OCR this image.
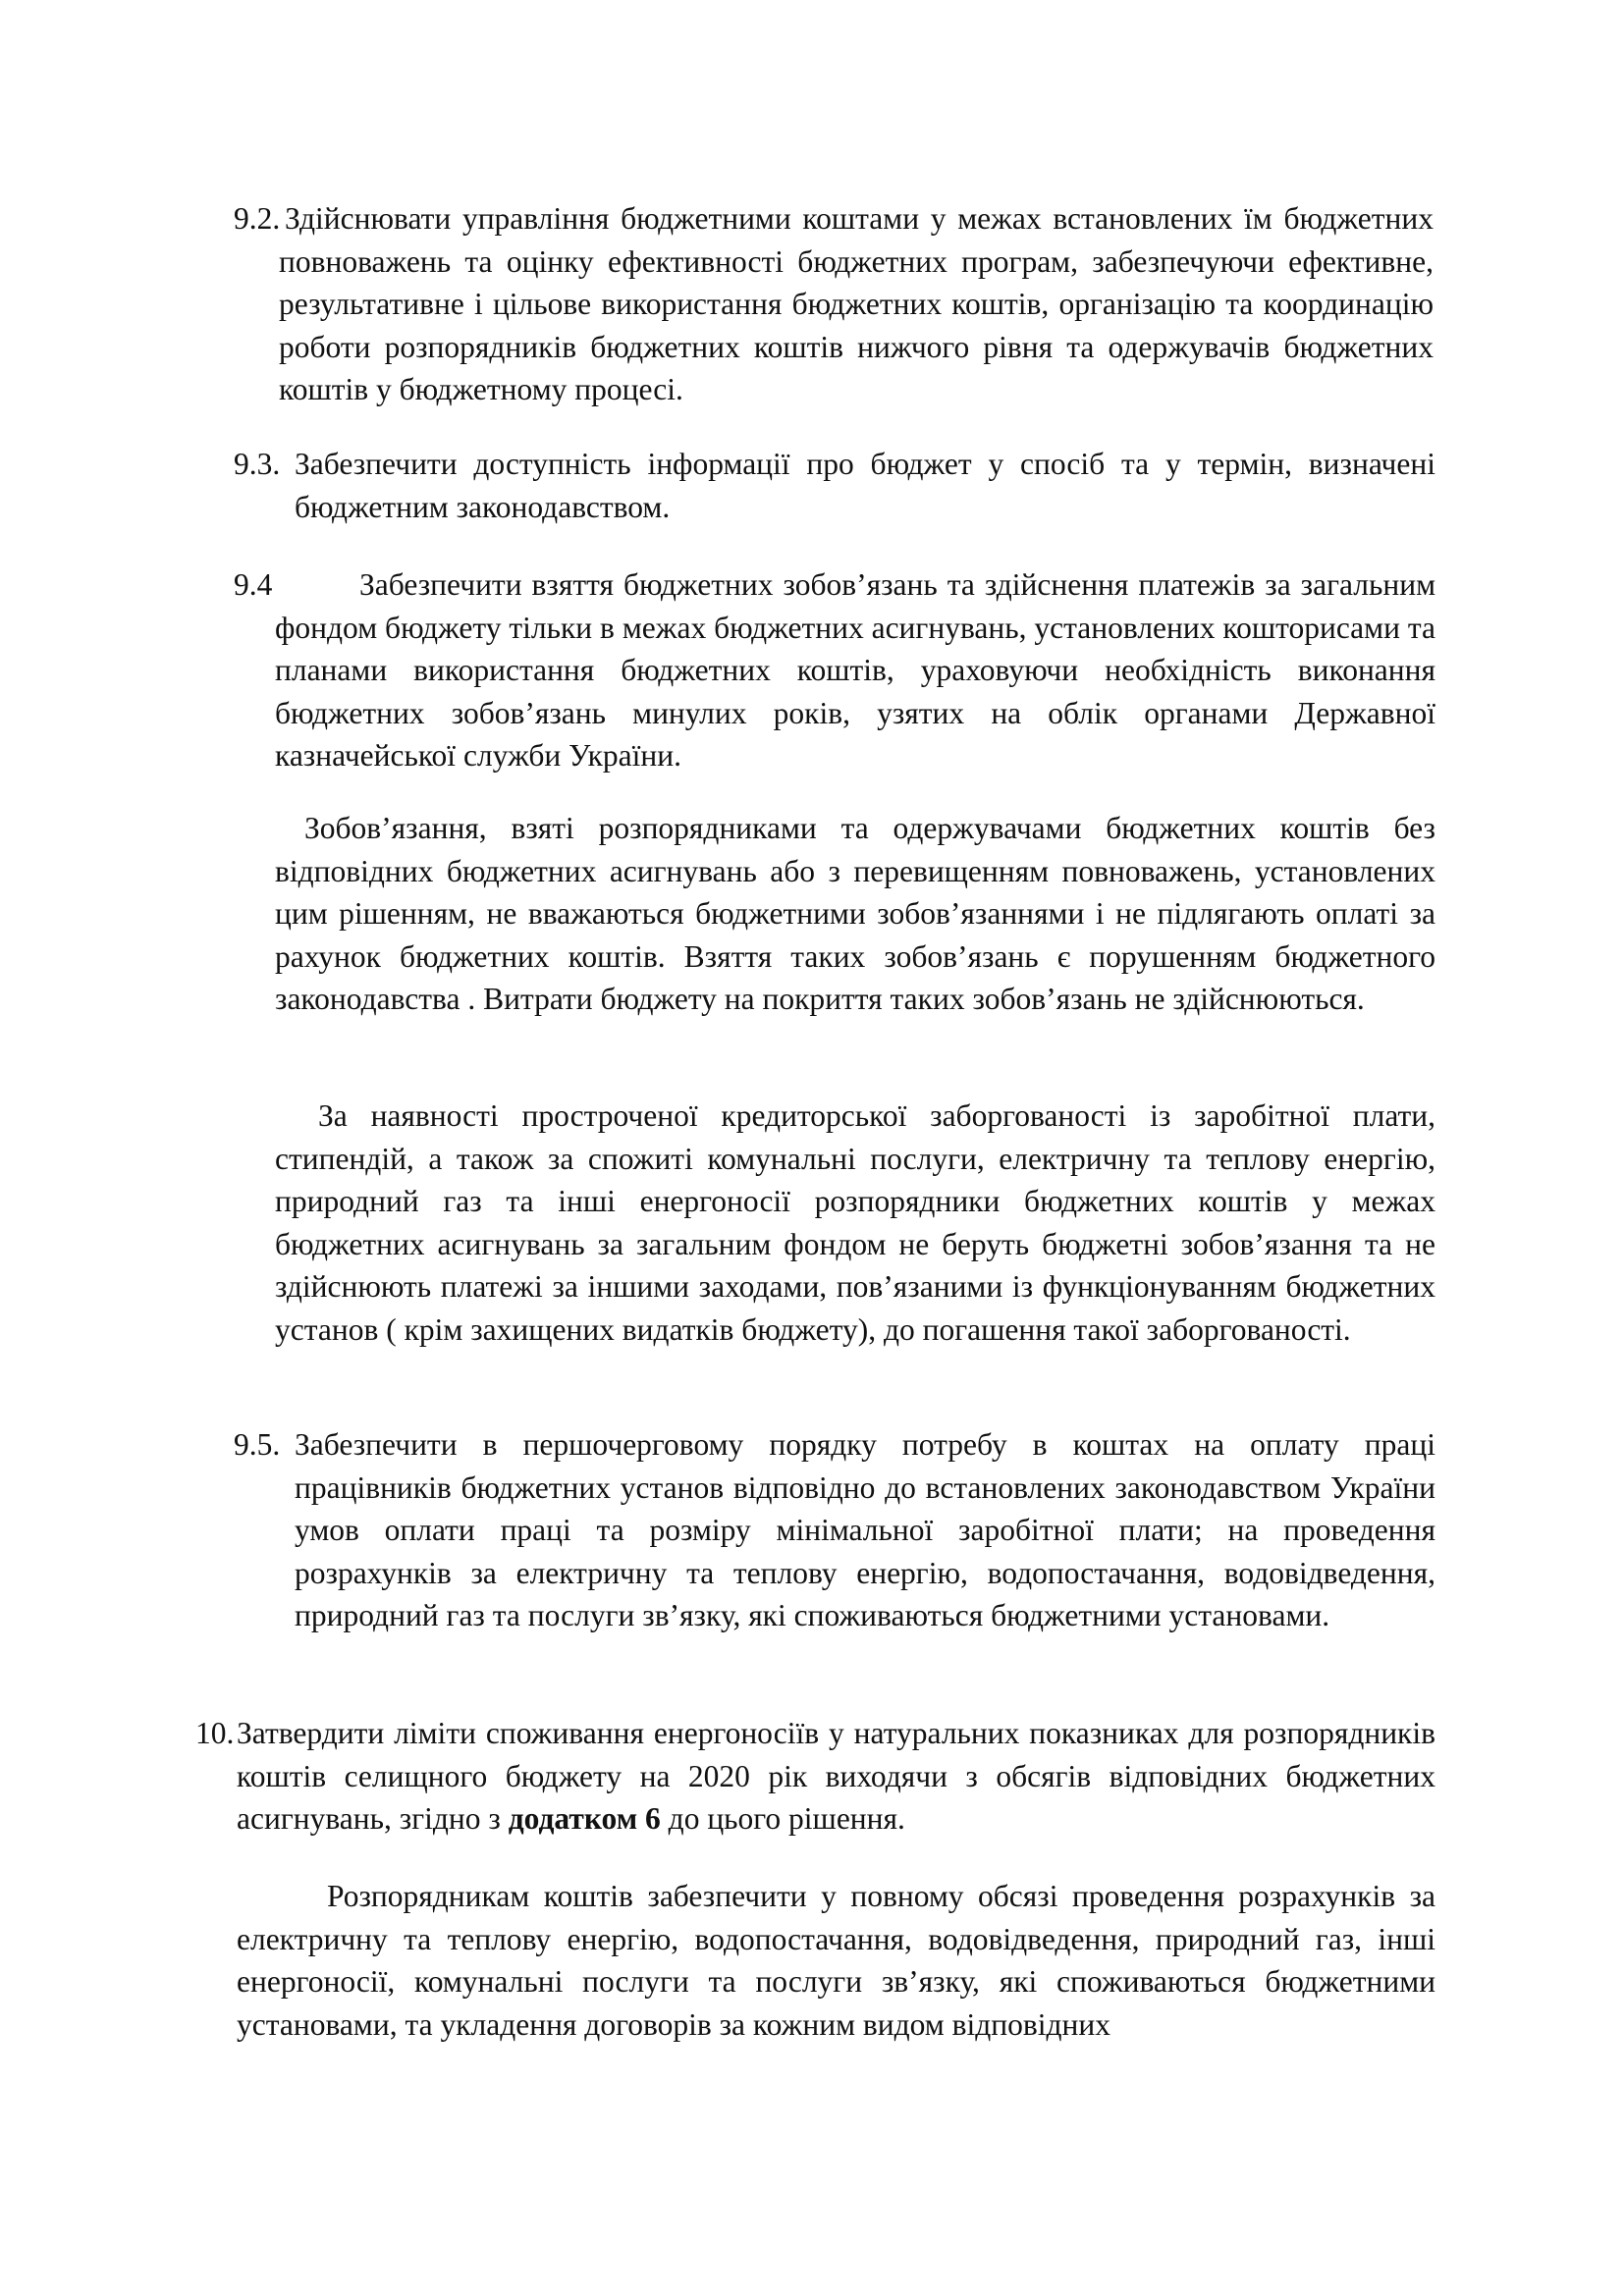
9.2. Здійснювати управління бюджетними коштами у межах встановлених їм бюджетних повноважень та оцінку ефективності бюджетних програм, забезпечуючи ефективне, результативне і цільове використання бюджетних коштів, організацію та координацію роботи розпорядників бюджетних коштів нижчого рівня та одержувачів бюджетних коштів у бюджетному процесі.

9.3. Забезпечити доступність інформації про бюджет у спосіб та у термін, визначені бюджетним законодавством.

9.4	Забезпечити взяття бюджетних зобов’язань та здійснення платежів за загальним фондом бюджету тільки в межах бюджетних асигнувань, установлених кошторисами та планами використання бюджетних коштів, ураховуючи необхідність виконання бюджетних зобов’язань минулих років, узятих на облік органами Державної казначейської служби України.

Зобов’язання, взяті розпорядниками та одержувачами бюджетних коштів без відповідних бюджетних асигнувань або з перевищенням повноважень, установлених цим рішенням, не вважаються бюджетними зобов’язаннями і не підлягають оплаті за рахунок бюджетних коштів. Взяття таких зобов’язань є порушенням бюджетного законодавства . Витрати бюджету на покриття таких зобов’язань не здійснюються.

За наявності простроченої кредиторської заборгованості із заробітної плати, стипендій, а також за спожиті комунальні послуги, електричну та теплову енергію, природний газ та інші енергоносії розпорядники бюджетних коштів у межах бюджетних асигнувань за загальним фондом не беруть бюджетні зобов’язання та не здійснюють платежі за іншими заходами, пов’язаними із функціонуванням бюджетних установ ( крім захищених видатків бюджету), до погашення такої заборгованості.

9.5. Забезпечити в першочерговому порядку потребу в коштах на оплату праці працівників бюджетних установ відповідно до встановлених законодавством України умов оплати праці та розміру мінімальної заробітної плати; на проведення розрахунків за електричну та теплову енергію, водопостачання, водовідведення, природний газ та послуги зв’язку, які споживаються бюджетними установами.

10. Затвердити ліміти споживання енергоносіїв у натуральних показниках для розпорядників коштів селищного бюджету на 2020 рік виходячи з обсягів відповідних бюджетних асигнувань, згідно з додатком 6 до цього рішення.

Розпорядникам коштів забезпечити у повному обсязі проведення розрахунків за електричну та теплову енергію, водопостачання, водовідведення, природний газ, інші енергоносії, комунальні послуги та послуги зв’язку, які споживаються бюджетними установами, та укладення договорів за кожним видом відповідних
